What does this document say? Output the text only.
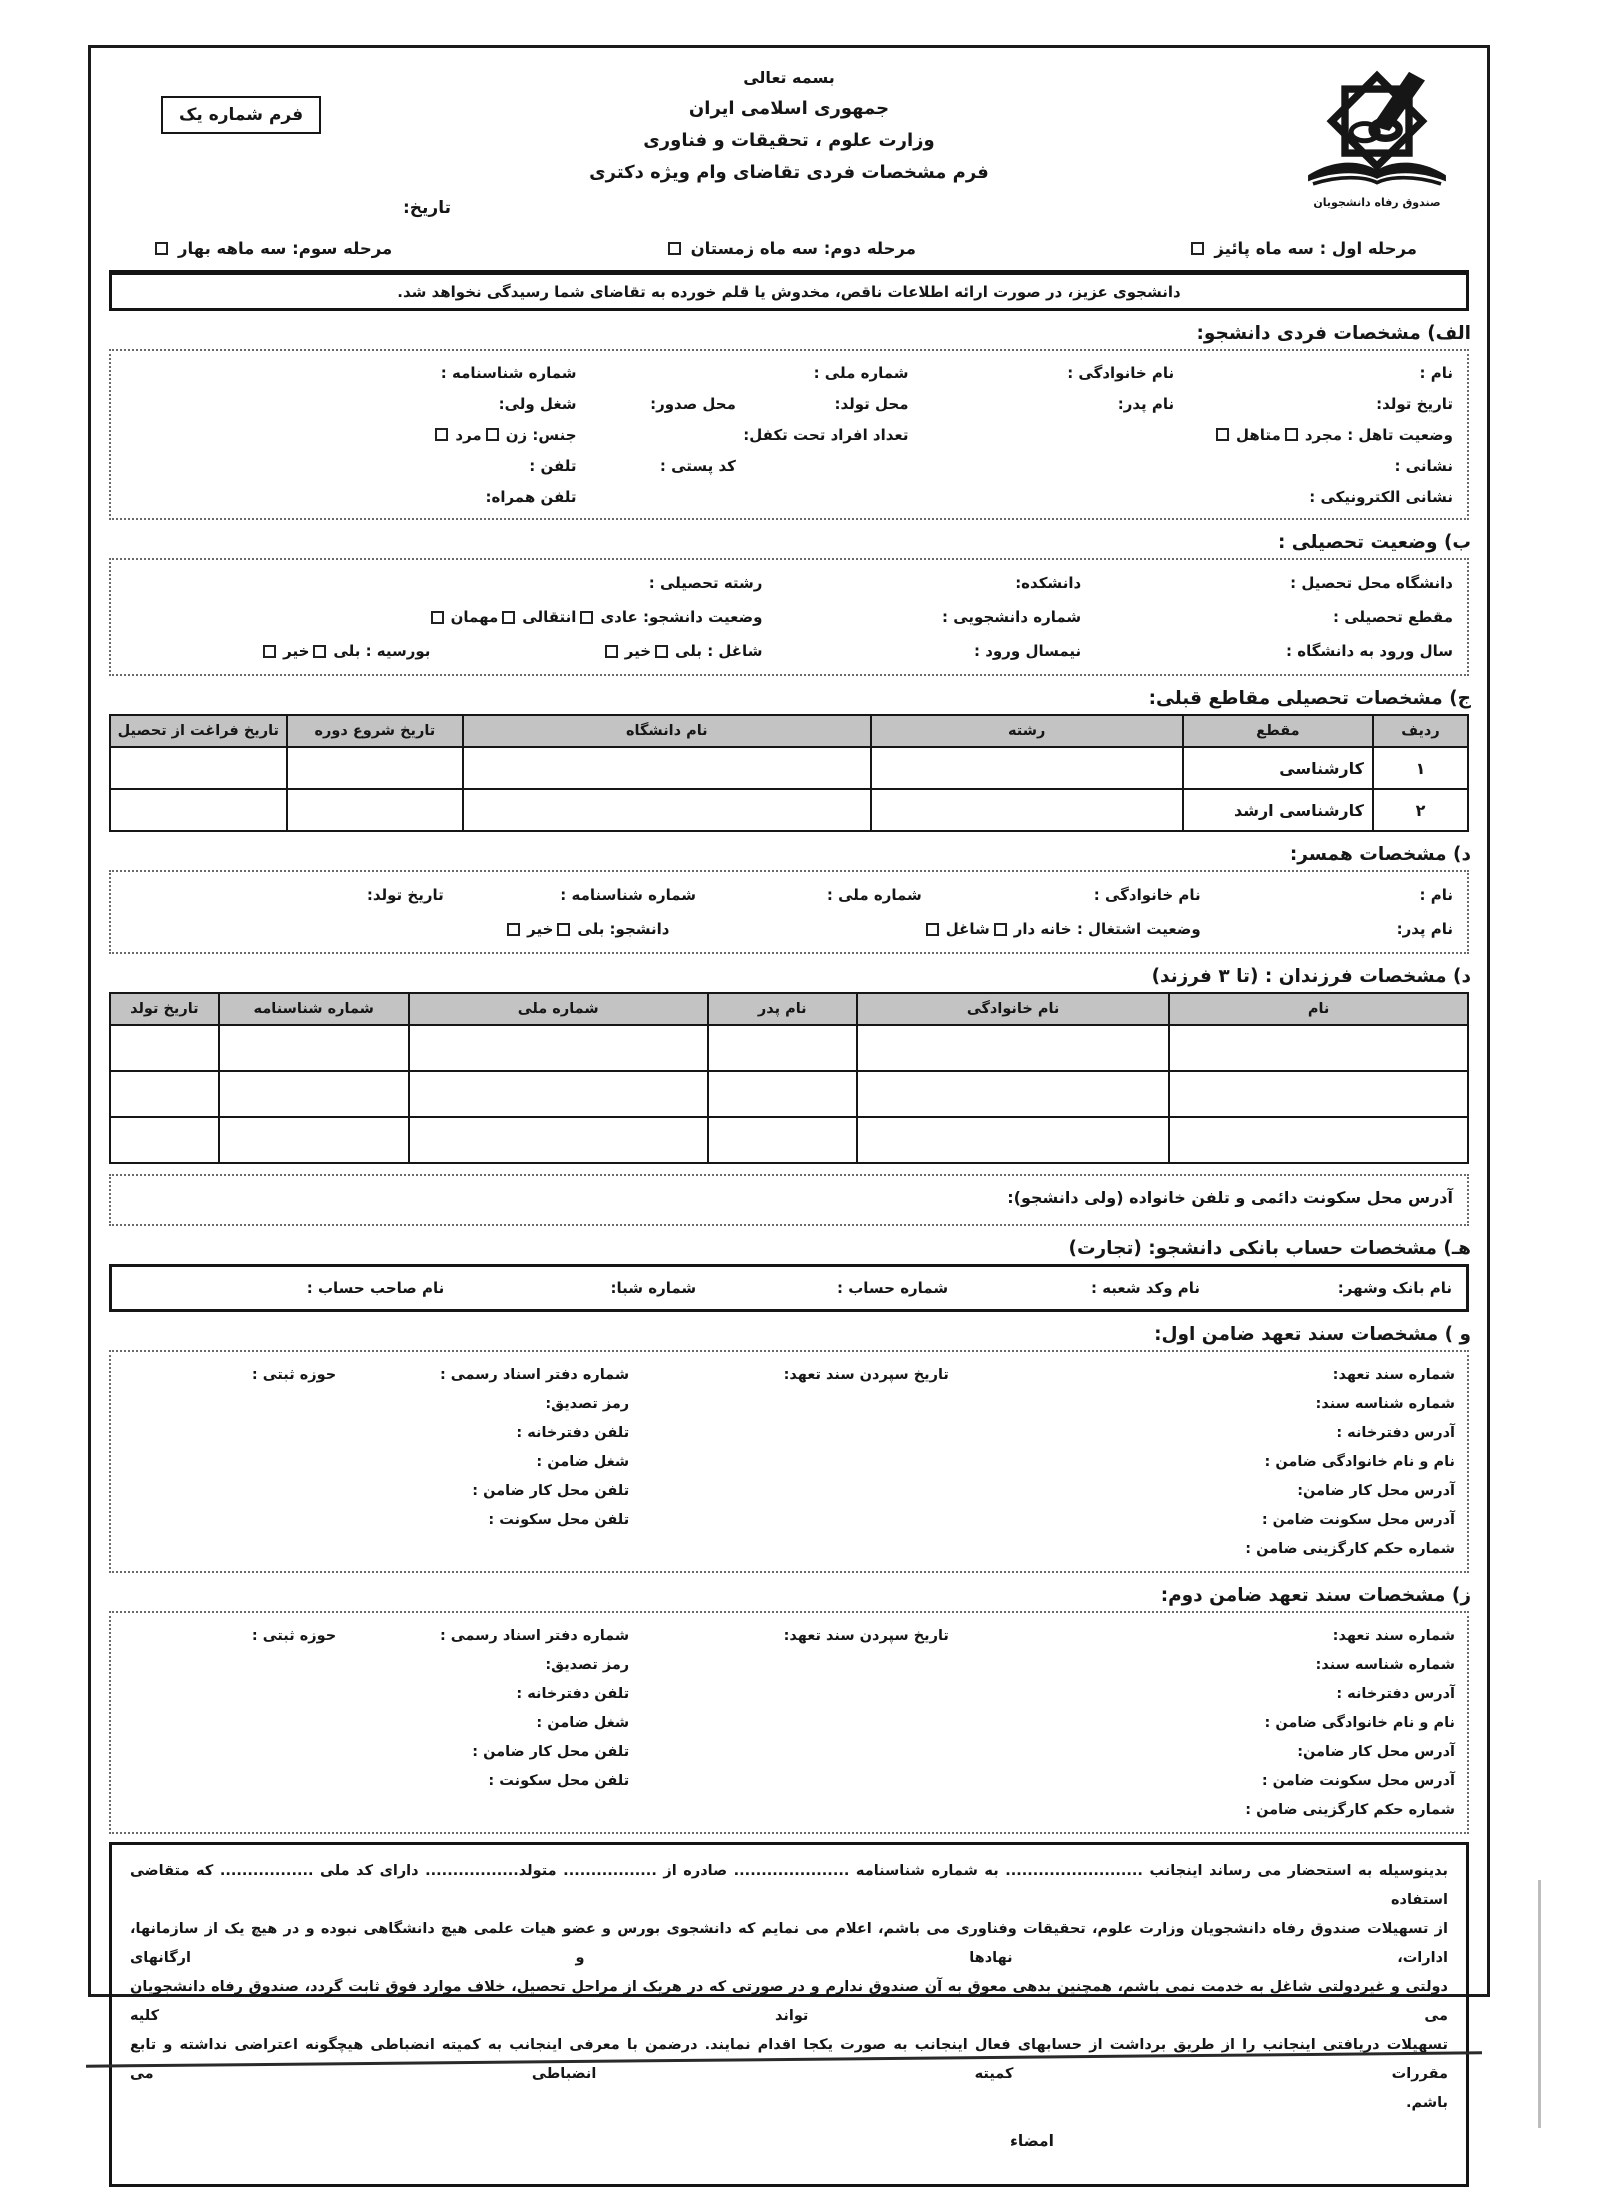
فرم شماره یک
بسمه تعالی
جمهوری اسلامی ایران
وزارت علوم ، تحقیقات و فناوری
فرم مشخصات فردی تقاضای وام ویژه دکتری
تاریخ:	صندوق رفاه دانشجویان
مرحله اول : سه ماه پائیز
مرحله دوم: سه ماه زمستان
مرحله سوم: سه ماهه بهار
دانشجوی عزیز، در صورت ارائه اطلاعات ناقص، مخدوش یا قلم خورده به تقاضای شما رسیدگی نخواهد شد.
الف) مشخصات فردی دانشجو:
نام :
نام خانوادگی :
شماره ملی :
شماره شناسنامه :
تاریخ تولد:
نام پدر:
محل تولد:
محل صدور:
شغل ولی:
وضعیت تاهل : مجرد
متاهل
تعداد افراد تحت تکفل:
جنس: زن
مرد
نشانی :
کد پستی :
تلفن :
نشانی الکترونیکی :
تلفن همراه:
ب) وضعیت تحصیلی :
دانشگاه محل تحصیل :
دانشکده:
رشته تحصیلی :
مقطع تحصیلی :
شماره دانشجویی :
وضعیت دانشجو: عادی
انتقالی
مهمان
سال ورود به دانشگاه :
نیمسال ورود :
شاغل : بلی
خیر
بورسیه : بلی
خیر
ج) مشخصات تحصیلی مقاطع قبلی:
ردیف	مقطع	رشته	نام دانشگاه	تاریخ شروع دوره	تاریخ فراغت از تحصیل
۱	کارشناسی				
۲	کارشناسی ارشد				
د) مشخصات همسر:
نام :
نام خانوادگی :
شماره ملی :
شماره شناسنامه :
تاریخ تولد:
نام پدر:
وضعیت اشتغال : خانه دار
شاغل
دانشجو: بلی
خیر
د) مشخصات فرزندان : (تا ۳ فرزند)
نام	نام خانوادگی	نام پدر	شماره ملی	شماره شناسنامه	تاریخ تولد

آدرس محل سکونت دائمی و تلفن خانواده (ولی دانشجو):
هـ) مشخصات حساب بانکی دانشجو: (تجارت)
نام بانک وشهر:
نام وکد شعبه :
شماره حساب :
شماره شبا:
نام صاحب حساب :
و ) مشخصات سند تعهد ضامن اول:
شماره سند تعهد:
تاریخ سپردن سند تعهد:
شماره دفتر اسناد رسمی :
حوزه ثبتی :
شماره شناسه سند:
رمز تصدیق:
آدرس دفترخانه :
تلفن دفترخانه :
نام و نام خانوادگی ضامن :
شغل ضامن :
آدرس محل کار ضامن:
تلفن محل کار ضامن :
آدرس محل سکونت ضامن :
تلفن محل سکونت :
شماره حکم کارگزینی ضامن :
ز) مشخصات سند تعهد ضامن دوم:
شماره سند تعهد:
تاریخ سپردن سند تعهد:
شماره دفتر اسناد رسمی :
حوزه ثبتی :
شماره شناسه سند:
رمز تصدیق:
آدرس دفترخانه :
تلفن دفترخانه :
نام و نام خانوادگی ضامن :
شغل ضامن :
آدرس محل کار ضامن:
تلفن محل کار ضامن :
آدرس محل سکونت ضامن :
تلفن محل سکونت :
شماره حکم کارگزینی ضامن :
بدینوسیله به استحضار می رساند اینجانب ......................... به شماره شناسنامه ..................... صادره از ................. متولد................. دارای کد ملی ................. که متقاضی استفاده
از تسهیلات صندوق رفاه دانشجویان وزارت علوم، تحقیقات وفناوری می باشم، اعلام می نمایم که دانشجوی بورس و عضو هیات علمی هیچ دانشگاهی نبوده و در هیچ یک از سازمانها، ادارات، نهادها و ارگانهای
دولتی و غیردولتی شاغل به خدمت نمی باشم، همچنین بدهی معوق به آن صندوق ندارم و در صورتی که در هریک از مراحل تحصیل، خلاف موارد فوق ثابت گردد، صندوق رفاه دانشجویان می تواند کلیه
تسهیلات دریافتی اینجانب را از طریق برداشت از حسابهای فعال اینجانب به صورت یکجا اقدام نمایند. درضمن با معرفی اینجانب به کمیته انضباطی هیچگونه اعتراضی نداشته و تابع مقررات کمیته انضباطی می
باشم.
امضاء
